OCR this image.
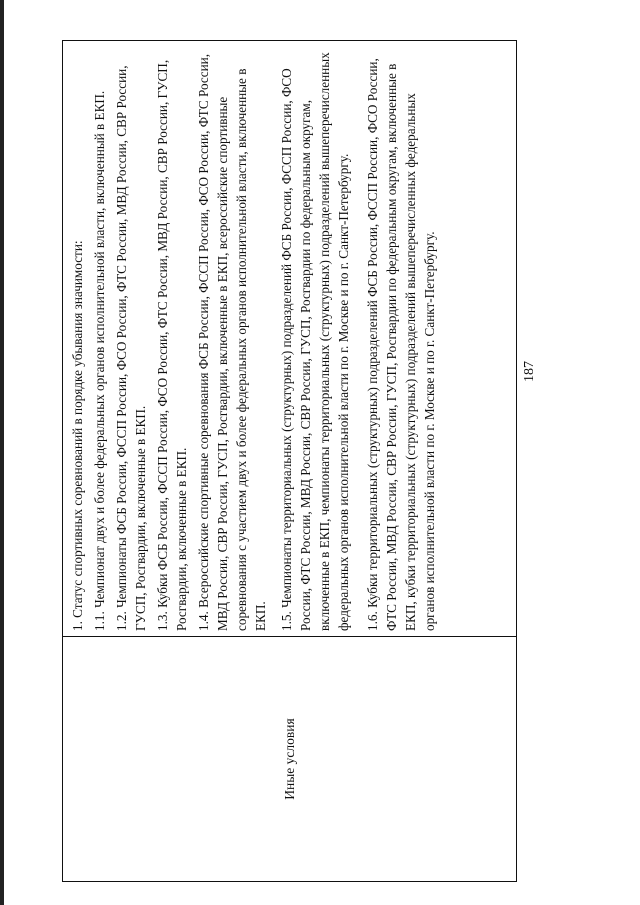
Иные условия

1. Статус спортивных соревнований в порядке убывания значимости: 1.1. Чемпионат двух и более федеральных органов исполнительной власти, включенный в ЕКП. 1.2. Чемпионаты ФСБ России, ФССП России, ФСО России, ФТС России, МВД России, СВР России, ГУСП, Росгвардии, включенные в ЕКП. 1.3. Кубки ФСБ России, ФССП России, ФСО России, ФТС России, МВД России, СВР России, ГУСП, Росгвардии, включенные в ЕКП. 1.4. Всероссийские спортивные соревнования ФСБ России, ФССП России, ФСО России, ФТС России, МВД России, СВР России, ГУСП, Росгвардии, включенные в ЕКП, всероссийские спортивные соревнования с участием двух и более федеральных органов исполнительной власти, включенные в ЕКП. 1.5. Чемпионаты территориальных (структурных) подразделений ФСБ России, ФССП России, ФСО России, ФТС России, МВД России, СВР России, ГУСП, Росгвардии по федеральным округам, включенные в ЕКП, чемпионаты территориальных (структурных) подразделений вышеперечисленных федеральных органов исполнительной власти по г. Москве и по г. Санкт-Петербургу. 1.6. Кубки территориальных (структурных) подразделений ФСБ России, ФССП России, ФСО России, ФТС России, МВД России, СВР России, ГУСП, Росгвардии по федеральным округам, включенные в ЕКП, кубки территориальных (структурных) подразделений вышеперечисленных федеральных органов исполнительной власти по г. Москве и по г. Санкт-Петербургу.	187
